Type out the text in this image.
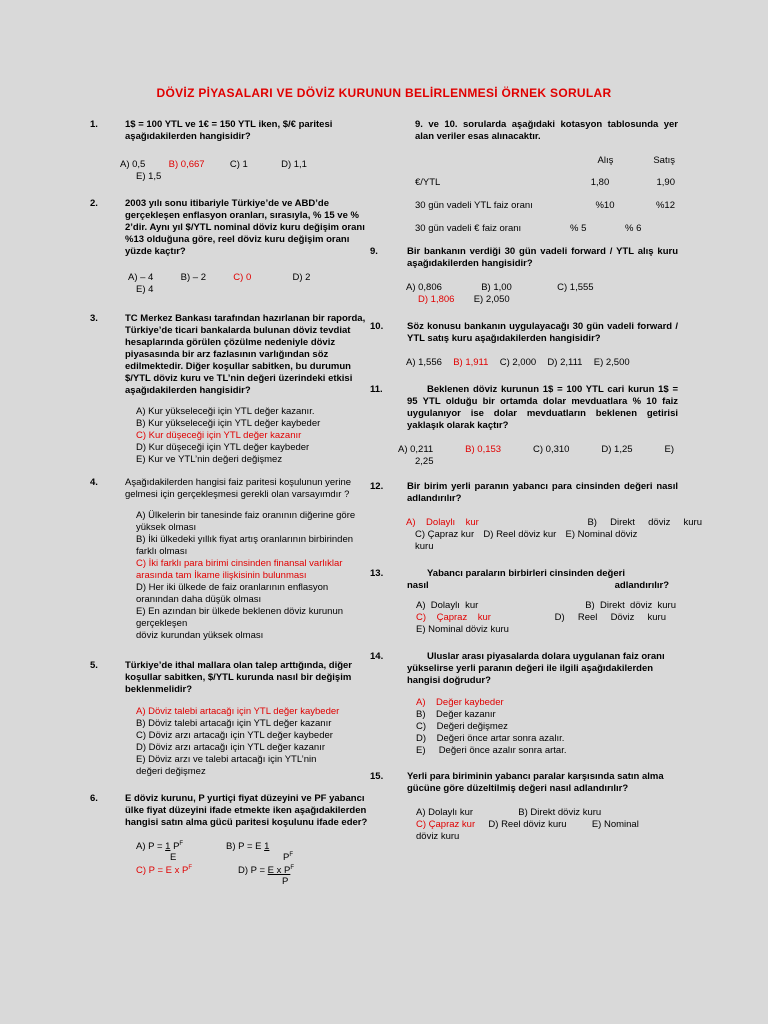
DÖVİZ PİYASALARI VE DÖVİZ KURUNUN BELİRLENMESİ ÖRNEK SORULAR
1.	1$ = 100 YTL ve 1€ = 150 YTL iken, $/€ paritesi aşağıdakilerden hangisidir?
A) 0,5 B) 0,667	C) 1	D) 1,1
E) 1,5
2.	2003 yılı sonu itibariyle Türkiye’de ve ABD’de gerçekleşen enflasyon oranları, sırasıyla, % 15 ve % 2’dir. Aynı yıl $/YTL nominal döviz kuru değişim oranı %13 olduğuna göre, reel döviz kuru değişim oranı yüzde kaçtır?
A) – 4	B) – 2	C) 0	D) 2
E) 4
3.	TC Merkez Bankası tarafından hazırlanan bir raporda, Türkiye’de ticari bankalarda bulunan döviz tevdiat hesaplarında görülen çözülme nedeniyle döviz piyasasında bir arz fazlasının varlığından söz edilmektedir. Diğer koşullar sabitken, bu durumun $/YTL döviz kuru ve TL’nin değeri üzerindeki etkisi aşağıdakilerden hangisidir?
A) Kur yükseleceği için YTL değer kazanır.
B) Kur yükseleceği için YTL değer kaybeder
C) Kur düşeceği için YTL değer kazanır
D) Kur düşeceği için YTL değer kaybeder
E) Kur ve YTL’nin değeri değişmez
4.	Aşağıdakilerden hangisi faiz paritesi koşulunun yerine gelmesi için gerçekleşmesi gerekli olan varsayımdır ?
A) Ülkelerin bir tanesinde faiz oranının diğerine göre yüksek olması
B) İki ülkedeki yıllık fiyat artış oranlarının birbirinden farklı olması
C) İki farklı para birimi cinsinden finansal varlıklar arasında tam İkame ilişkisinin bulunması
D) Her iki ülkede de faiz oranlarının enflasyon oranından daha düşük olması
E) En azından bir ülkede beklenen döviz kurunun gerçekleşen
döviz kurundan yüksek olması
5.	Türkiye’de ithal mallara olan talep arttığında, diğer koşullar sabitken, $/YTL kurunda nasıl bir değişim beklenmelidir?
A) Döviz talebi artacağı için YTL değer kaybeder
B) Döviz talebi artacağı için YTL değer kazanır
C) Döviz arzı artacağı için YTL değer kaybeder
D) Döviz arzı artacağı için YTL değer kazanır
E) Döviz arzı ve talebi artacağı için YTL’nin
değeri değişmez
6.	E döviz kurunu, P yurtiçi fiyat düzeyini ve PF yabancı ülke fiyat düzeyini ifade etmekte iken aşağıdakilerden hangisi satın alma gücü paritesi koşulunu ifade eder?
A) P = 1 $P^F$
E
B) P = E 1
$P^F$
C) P = E x $P^F$	D) P = E x $P^F$
P
9. ve 10. sorularda aşağıdaki kotasyon tablosunda yer alan veriler esas alınacaktır.
Alış	Satış
€/YTL	1,80	1,90
30 gün vadeli YTL faiz oranı	%10	%12
30 gün vadeli € faiz oranı	% 5	% 6
9.	Bir bankanın verdiği 30 gün vadeli forward / YTL alış kuru aşağıdakilerden hangisidir?
A) 0,806	B) 1,00	C) 1,555
D) 1,806 E) 2,050
10.	Söz konusu bankanın uygulayacağı 30 gün vadeli forward / YTL satış kuru aşağıdakilerden hangisidir?
A) 1,556 B) 1,911 C) 2,000 D) 2,111 E) 2,500
11.	Beklenen döviz kurunun 1$ = 100 YTL cari kurun 1$ = 95 YTL olduğu bir ortamda dolar mevduatlara % 10 faiz uygulanıyor ise dolar mevduatların beklenen getirisi yaklaşık olarak kaçtır?
A) 0,211	B) 0,153	C) 0,310	D) 1,25	E)
2,25
12.	Bir birim yerli paranın yabancı para cinsinden değeri nasıl adlandırılır?
A)    Dolaylı    kur	B)     Direkt     döviz     kuru
C) Çapraz kur D) Reel döviz kur E) Nominal döviz
kuru
13.	Yabancı paraların birbirleri cinsinden değeri
nasıl	adlandırılır?
A)  Dolaylı  kur	B)  Direkt  döviz  kuru
C)    Çapraz    kur	D)     Reel     Döviz     kuru
E) Nominal döviz kuru
14.	Uluslar arası piyasalarda dolara uygulanan faiz oranı yükselirse yerli paranın değeri ile ilgili aşağıdakilerden hangisi doğrudur?
A)    Değer kaybeder
B)    Değer kazanır
C)    Değeri değişmez
D)    Değeri önce artar sonra azalır.
E)     Değeri önce azalır sonra artar.
15.	Yerli para biriminin yabancı paralar karşısında satın alma gücüne göre düzeltilmiş değeri nasıl adlandırılır?
A) Dolaylı kur	B) Direkt döviz kuru
C) Çapraz kur D) Reel döviz kuru	E) Nominal
döviz kuru
